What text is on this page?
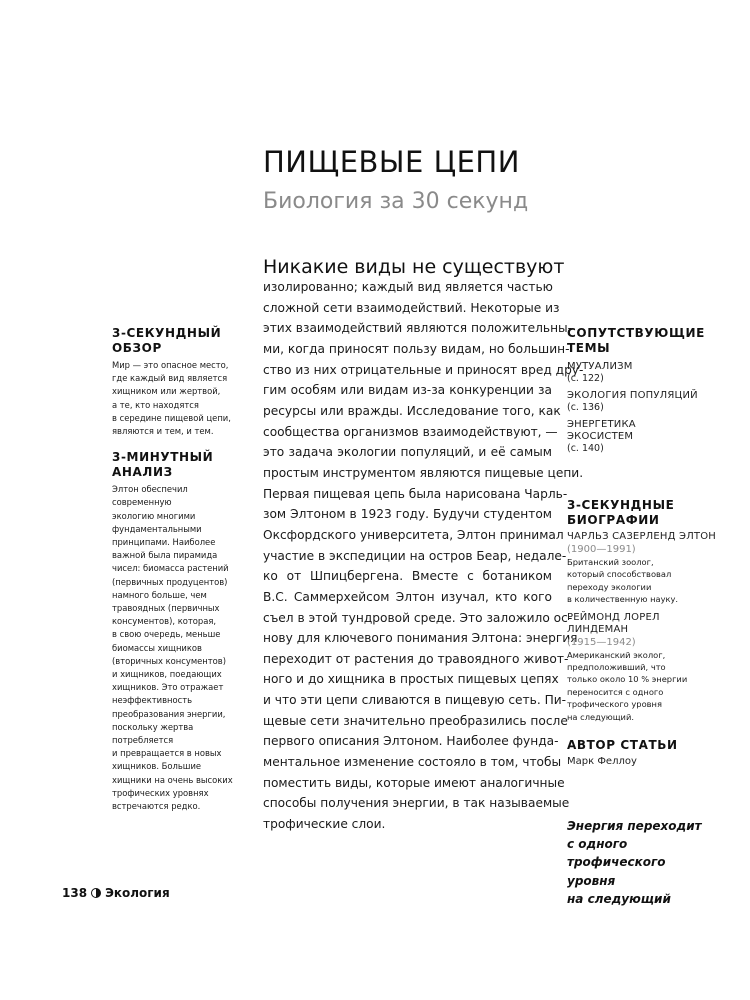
ПИЩЕВЫЕ ЦЕПИ
Биология за 30 секунд
Никакие виды не существуют
изолированно; каждый вид является частью
сложной сети взаимодействий. Некоторые из
этих взаимодействий являются положительны-
ми, когда приносят пользу видам, но большин-
ство из них отрицательные и приносят вред дру-
гим особям или видам из-за конкуренции за
ресурсы или вражды. Исследование того, как
сообщества организмов взаимодействуют, —
это задача экологии популяций, и её самым
простым инструментом являются пищевые цепи.
Первая пищевая цепь была нарисована Чарль-
зом Элтоном в 1923 году. Будучи студентом
Оксфордского университета, Элтон принимал
участие в экспедиции на остров Беар, недале-
ко от Шпицбергена. Вместе с ботаником
В.С. Саммерхейсом Элтон изучал, кто кого
съел в этой тундровой среде. Это заложило ос-
нову для ключевого понимания Элтона: энергия
переходит от растения до травоядного живот-
ного и до хищника в простых пищевых цепях
и что эти цепи сливаются в пищевую сеть. Пи-
щевые сети значительно преобразились после
первого описания Элтоном. Наиболее фунда-
ментальное изменение состояло в том, чтобы
поместить виды, которые имеют аналогичные
способы получения энергии, в так называемые
трофические слои.
3-СЕКУНДНЫЙ
ОБЗОР
Мир — это опасное место,
где каждый вид является
хищником или жертвой,
а те, кто находятся
в середине пищевой цепи,
являются и тем, и тем.
3-МИНУТНЫЙ
АНАЛИЗ
Элтон обеспечил
современную
экологию многими
фундаментальными
принципами. Наиболее
важной была пирамида
чисел: биомасса растений
(первичных продуцентов)
намного больше, чем
травоядных (первичных
консументов), которая,
в свою очередь, меньше
биомассы хищников
(вторичных консументов)
и хищников, поедающих
хищников. Это отражает
неэффективность
преобразования энергии,
поскольку жертва
потребляется
и превращается в новых
хищников. Большие
хищники на очень высоких
трофических уровнях
встречаются редко.
СОПУТСТВУЮЩИЕ
ТЕМЫ
МУТУАЛИЗМ
(с. 122)
ЭКОЛОГИЯ ПОПУЛЯЦИЙ
(с. 136)
ЭНЕРГЕТИКА
ЭКОСИСТЕМ
(с. 140)
3-СЕКУНДНЫЕ
БИОГРАФИИ
ЧАРЛЬЗ САЗЕРЛЕНД ЭЛТОН
(1900—1991)
Британский зоолог,
который способствовал
переходу экологии
в количественную науку.
РЕЙМОНД ЛОРЕЛ
ЛИНДЕМАН
(1915—1942)
Американский эколог,
предположивший, что
только около 10 % энергии
переносится с одного
трофического уровня
на следующий.
АВТОР СТАТЬИ
Марк Феллоу
Энергия переходит
с одного
трофического
уровня
на следующий
138 Экология
